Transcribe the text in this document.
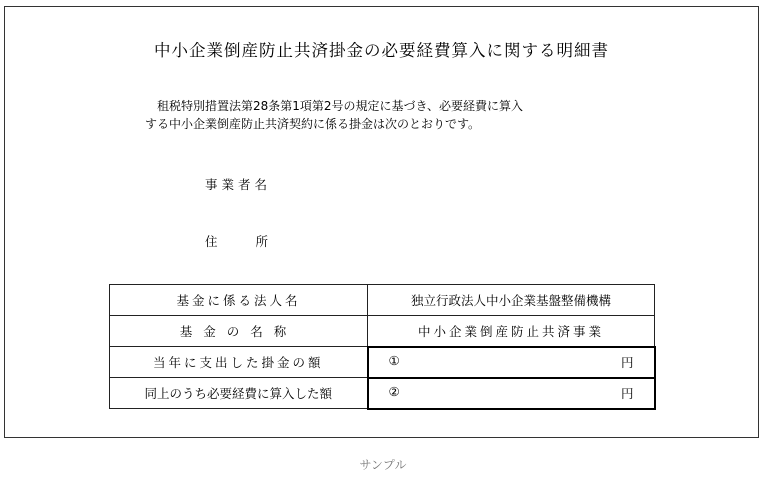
中小企業倒産防止共済掛金の必要経費算入に関する明細書
租税特別措置法第28条第1項第2号の規定に基づき、必要経費に算入
する中小企業倒産防止共済契約に係る掛金は次のとおりです。
事業者名
住	所
基金に係る法人名	独立行政法人中小企業基盤整備機構
基金の名称	中小企業倒産防止共済事業
当年に支出した掛金の額	① 円

同上のうち必要経費に算入した額	② 円
サンプル
